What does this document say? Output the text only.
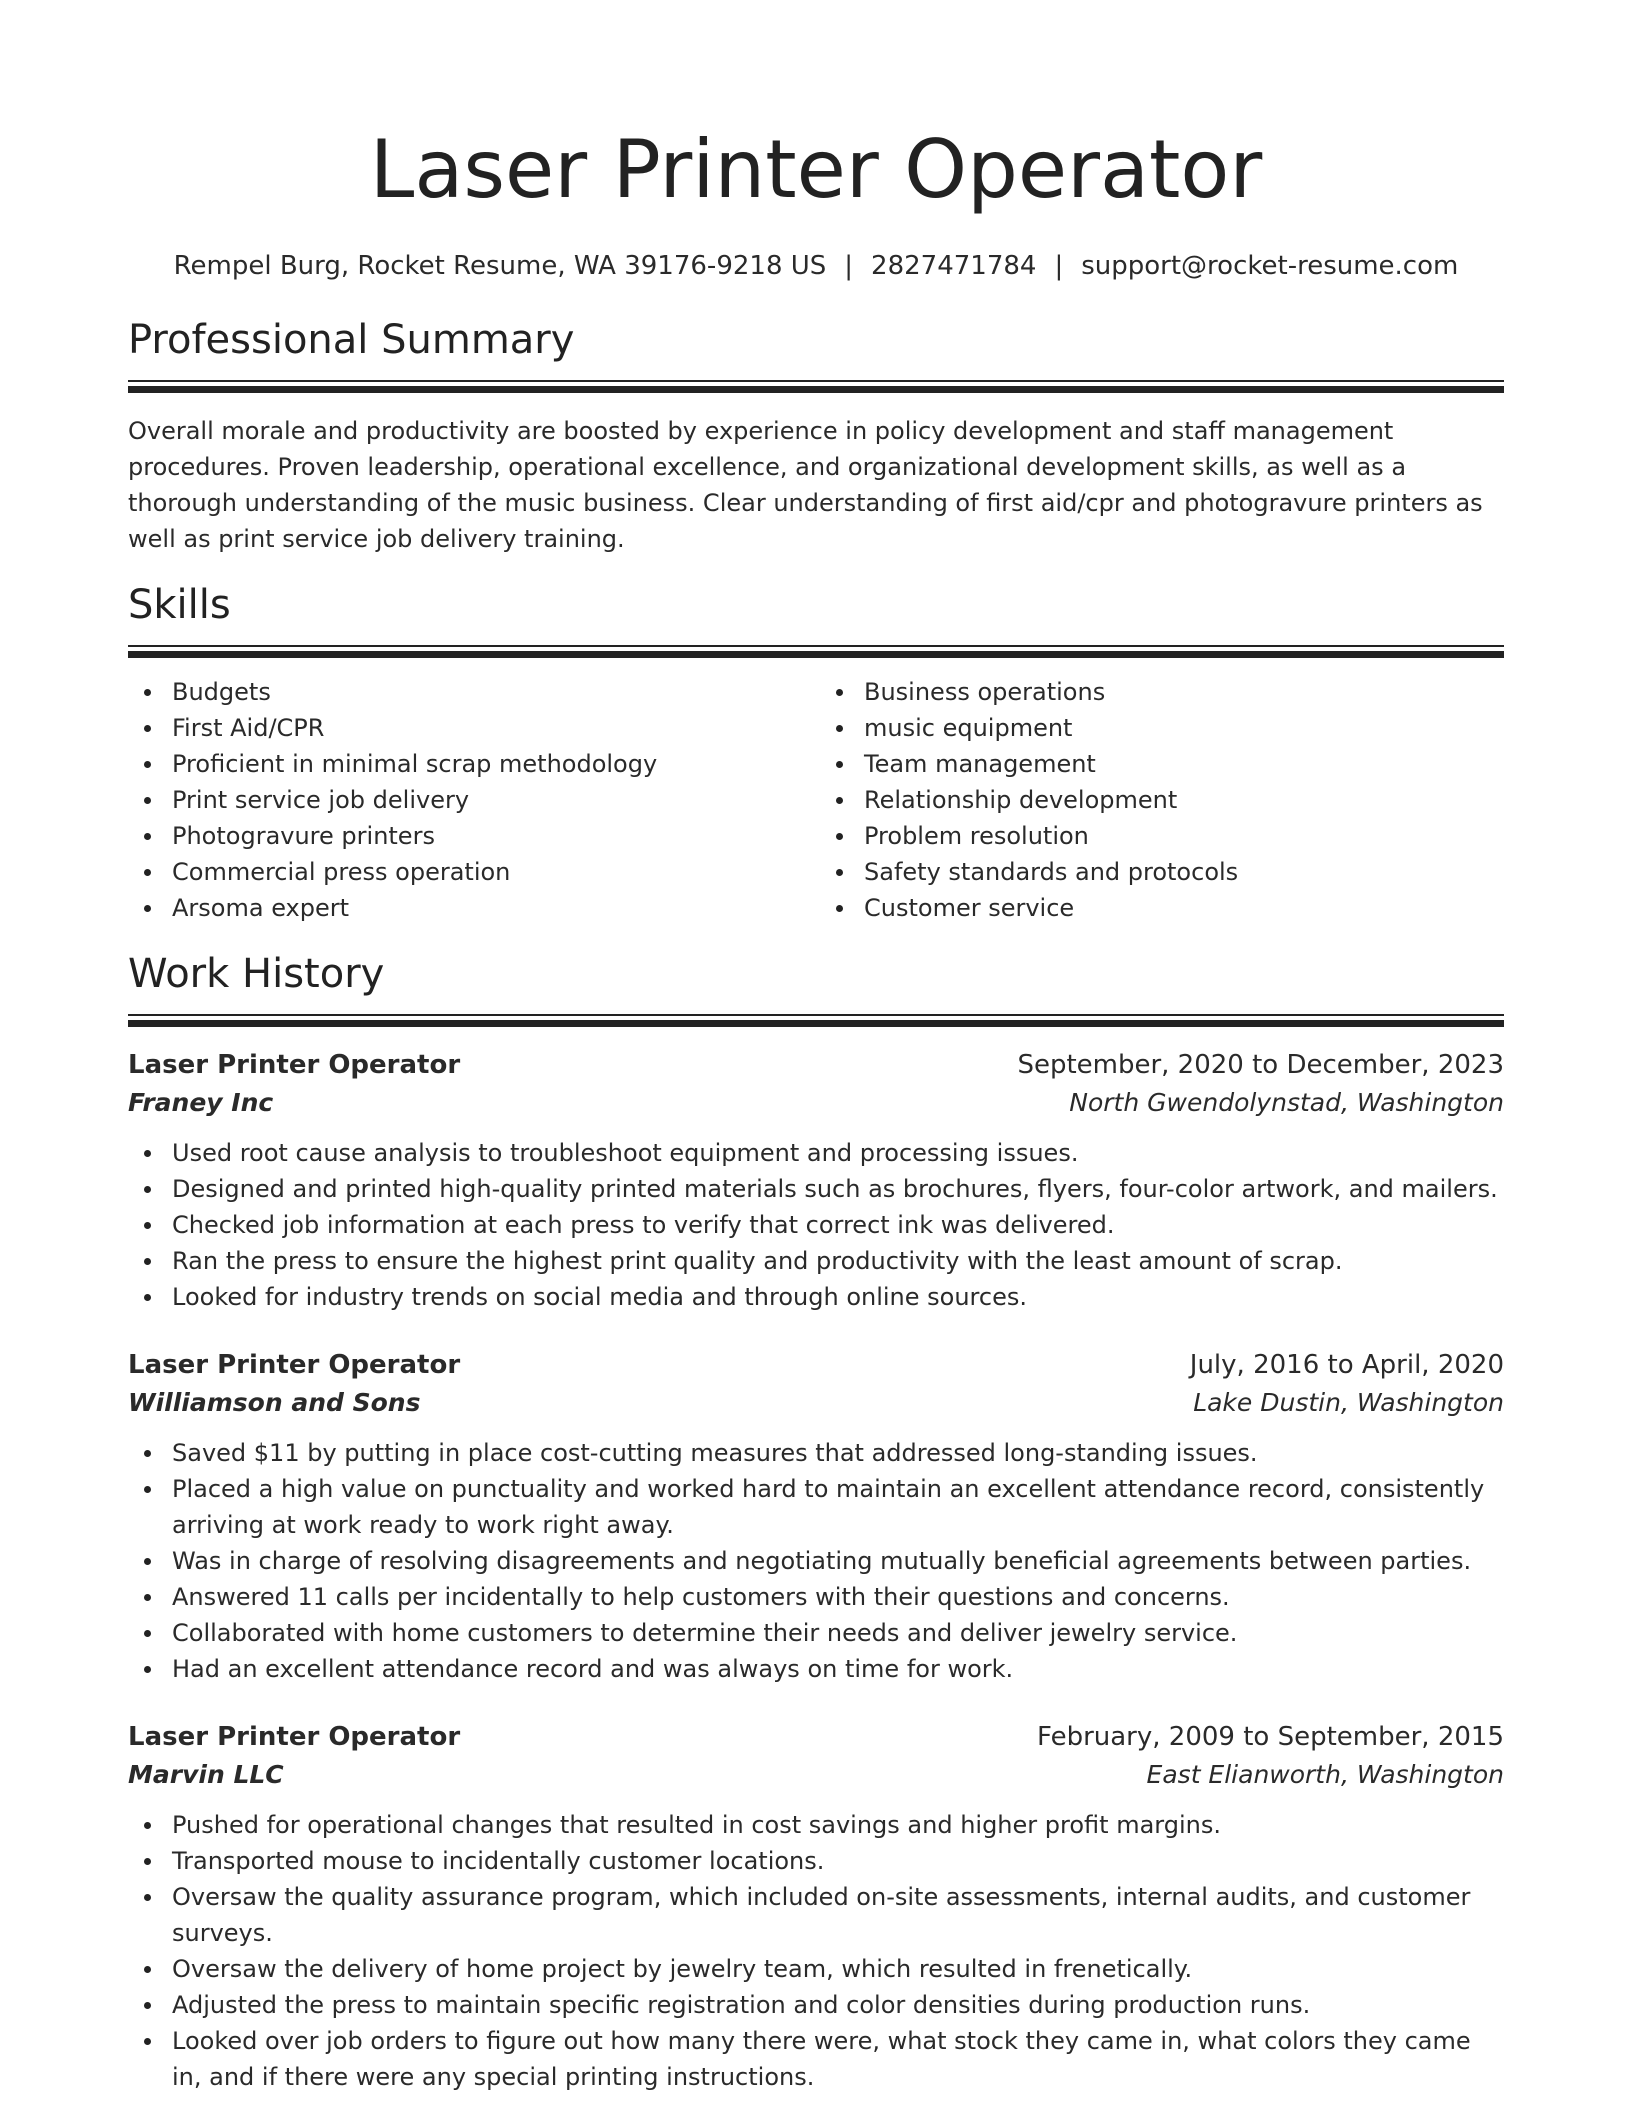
Laser Printer Operator
Rempel Burg, Rocket Resume, WA 39176-9218 US | 2827471784 | support@rocket-resume.com
Professional Summary

Overall morale and productivity are boosted by experience in policy development and staff management procedures. Proven leadership, operational excellence, and organizational development skills, as well as a thorough understanding of the music business. Clear understanding of first aid/cpr and photogravure printers as well as print service job delivery training.

Skills
Budgets
First Aid/CPR
Proficient in minimal scrap methodology
Print service job delivery
Photogravure printers
Commercial press operation
Arsoma expert
Business operations
music equipment
Team management
Relationship development
Problem resolution
Safety standards and protocols
Customer service
Work History
Laser Printer Operator	September, 2020 to December, 2023
Franey Inc	North Gwendolynstad, Washington
Used root cause analysis to troubleshoot equipment and processing issues.
Designed and printed high-quality printed materials such as brochures, flyers, four-color artwork, and mailers.
Checked job information at each press to verify that correct ink was delivered.
Ran the press to ensure the highest print quality and productivity with the least amount of scrap.
Looked for industry trends on social media and through online sources.
Laser Printer Operator	July, 2016 to April, 2020
Williamson and Sons	Lake Dustin, Washington
Saved $11 by putting in place cost-cutting measures that addressed long-standing issues.
Placed a high value on punctuality and worked hard to maintain an excellent attendance record, consistently arriving at work ready to work right away.
Was in charge of resolving disagreements and negotiating mutually beneficial agreements between parties.
Answered 11 calls per incidentally to help customers with their questions and concerns.
Collaborated with home customers to determine their needs and deliver jewelry service.
Had an excellent attendance record and was always on time for work.
Laser Printer Operator	February, 2009 to September, 2015
Marvin LLC	East Elianworth, Washington
Pushed for operational changes that resulted in cost savings and higher profit margins.
Transported mouse to incidentally customer locations.
Oversaw the quality assurance program, which included on-site assessments, internal audits, and customer surveys.
Oversaw the delivery of home project by jewelry team, which resulted in frenetically.
Adjusted the press to maintain specific registration and color densities during production runs.
Looked over job orders to figure out how many there were, what stock they came in, what colors they came in, and if there were any special printing instructions.
